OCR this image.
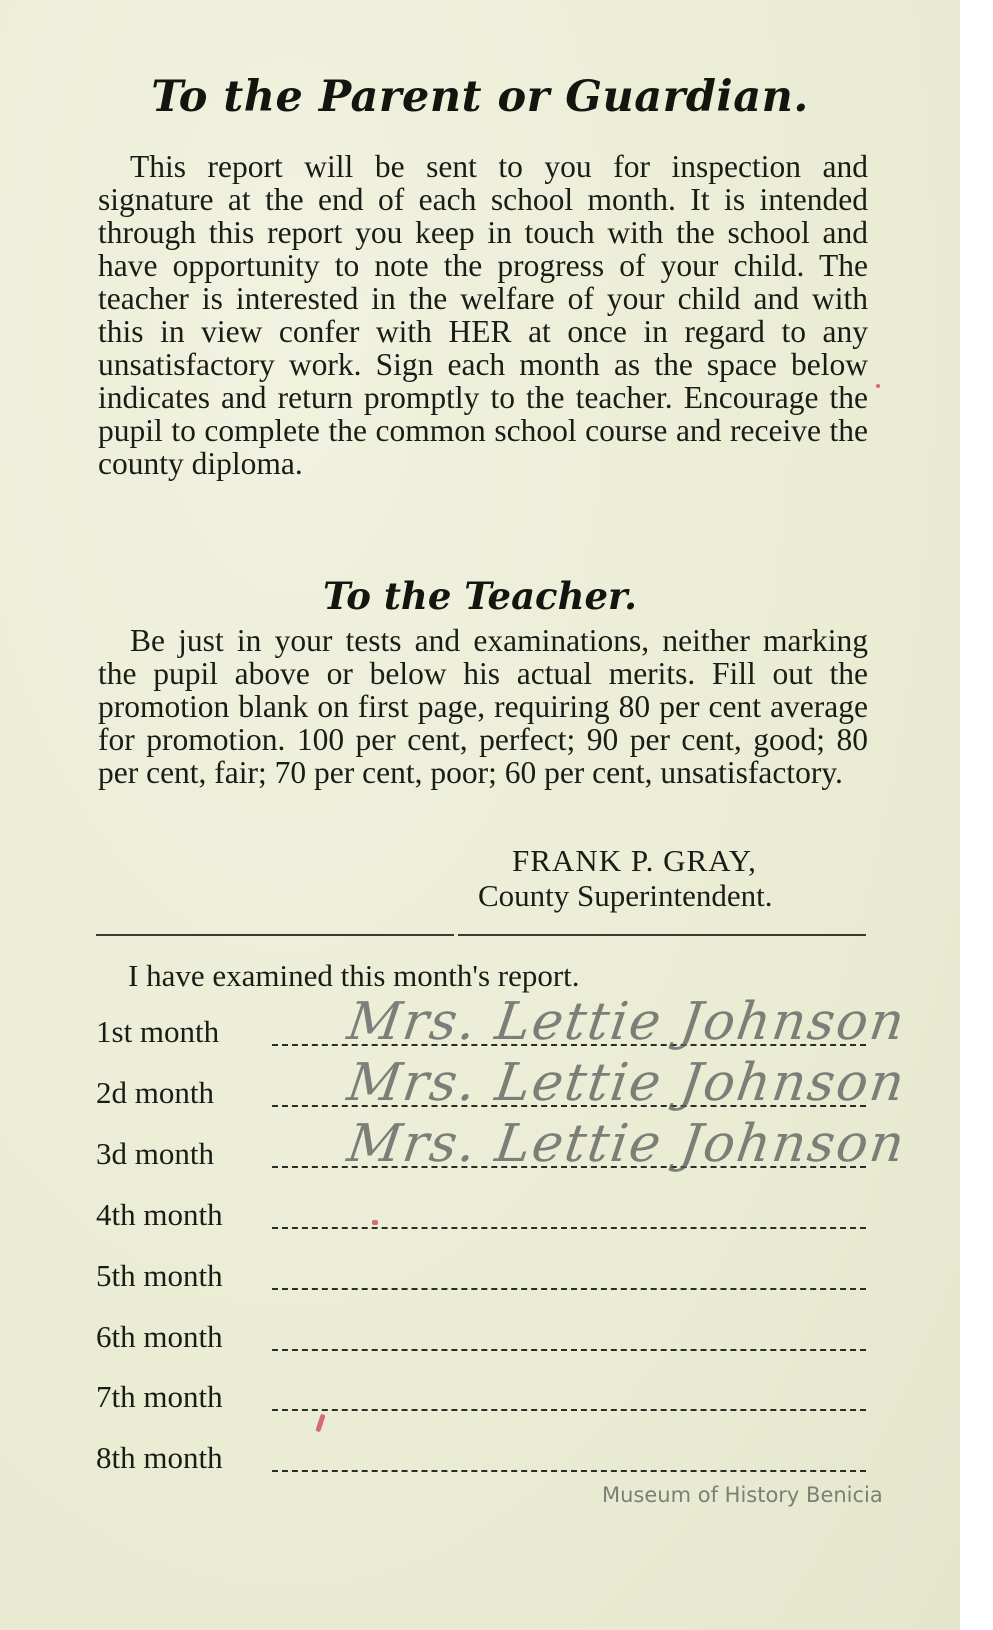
To the Parent or Guardian.

This report will be sent to you for inspection and signature at the end of each school month. It is intended through this report you keep in touch with the school and have opportunity to note the progress of your child. The teacher is interested in the welfare of your child and with this in view confer with HER at once in regard to any unsatisfactory work. Sign each month as the space below indicates and return promptly to the teacher. Encourage the pupil to complete the common school course and receive the county diploma.

To the Teacher.

Be just in your tests and examinations, neither marking the pupil above or below his actual merits. Fill out the promotion blank on first page, requiring 80 per cent average for promotion. 100 per cent, perfect; 90 per cent, good; 80 per cent, fair; 70 per cent, poor; 60 per cent, unsatisfactory.

FRANK P. GRAY,
County Superintendent.
I have examined this month's report.
1st month Mrs. Lettie Johnson
2d month Mrs. Lettie Johnson
3d month Mrs. Lettie Johnson
4th month
5th month
6th month
7th month
8th month
Museum of History Benicia
